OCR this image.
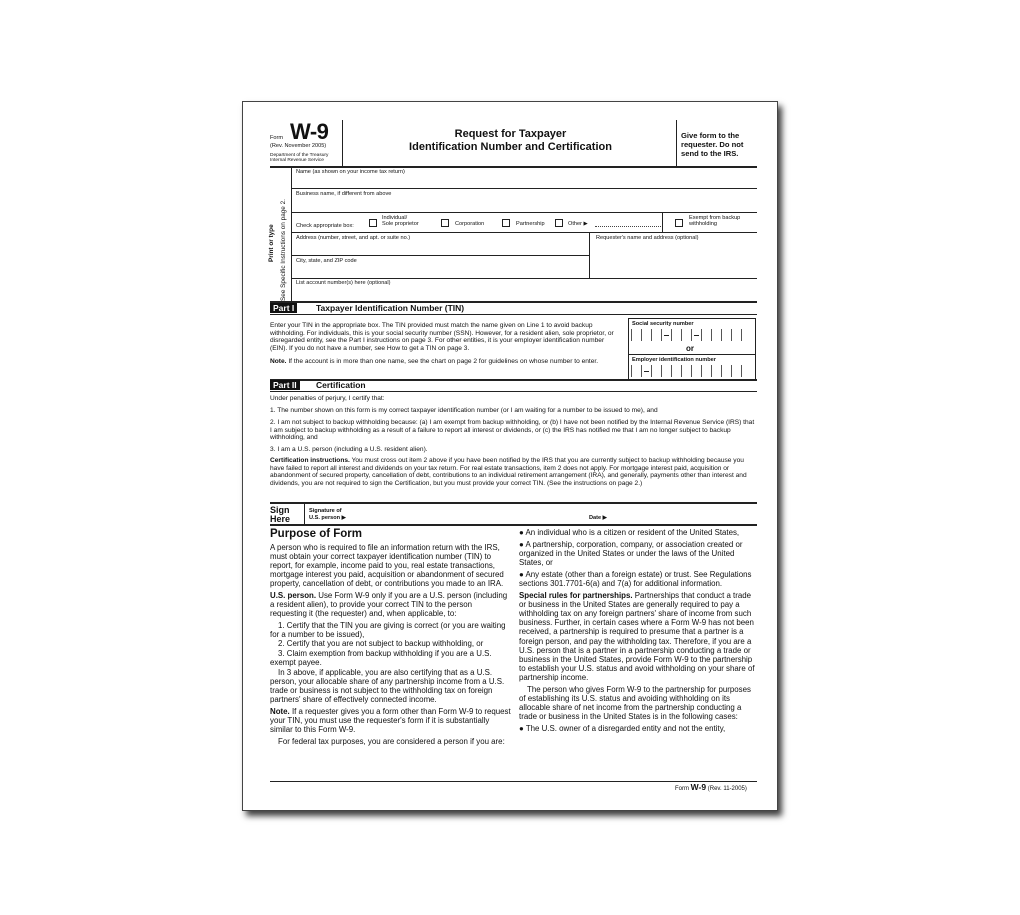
Form W-9
(Rev. November 2005)
Department of the Treasury
Internal Revenue Service
Request for Taxpayer
Identification Number and Certification
Give form to the
requester. Do not
send to the IRS.
Print or type See Specific Instructions on page 2.
Name (as shown on your income tax return)
Business name, if different from above
Check appropriate box:
Individual/
Sole proprietor	Corporation	Partnership	Other ▶
Exempt from backup
withholding
Address (number, street, and apt. or suite no.)	Requester's name and address (optional)
City, state, and ZIP code
List account number(s) here (optional)
Part I	Taxpayer Identification Number (TIN)
Enter your TIN in the appropriate box. The TIN provided must match the name given on Line 1 to avoid backup withholding. For individuals, this is your social security number (SSN). However, for a resident alien, sole proprietor, or disregarded entity, see the Part I instructions on page 3. For other entities, it is your employer identification number (EIN). If you do not have a number, see How to get a TIN on page 3.
Note. If the account is in more than one name, see the chart on page 2 for guidelines on whose number to enter.
Social security number
or
Employer identification number
Part II	Certification
Under penalties of perjury, I certify that:
1. The number shown on this form is my correct taxpayer identification number (or I am waiting for a number to be issued to me), and
2. I am not subject to backup withholding because: (a) I am exempt from backup withholding, or (b) I have not been notified by the Internal Revenue Service (IRS) that I am subject to backup withholding as a result of a failure to report all interest or dividends, or (c) the IRS has notified me that I am no longer subject to backup withholding, and
3. I am a U.S. person (including a U.S. resident alien).
Certification instructions. You must cross out item 2 above if you have been notified by the IRS that you are currently subject to backup withholding because you have failed to report all interest and dividends on your tax return. For real estate transactions, item 2 does not apply. For mortgage interest paid, acquisition or abandonment of secured property, cancellation of debt, contributions to an individual retirement arrangement (IRA), and generally, payments other than interest and dividends, you are not required to sign the Certification, but you must provide your correct TIN. (See the instructions on page 2.)
Sign
Here
Signature of
U.S. person ▶	Date ▶
Purpose of Form

A person who is required to file an information return with the IRS, must obtain your correct taxpayer identification number (TIN) to report, for example, income paid to you, real estate transactions, mortgage interest you paid, acquisition or abandonment of secured property, cancellation of debt, or contributions you made to an IRA.

U.S. person. Use Form W-9 only if you are a U.S. person (including a resident alien), to provide your correct TIN to the person requesting it (the requester) and, when applicable, to:

1. Certify that the TIN you are giving is correct (or you are waiting for a number to be issued),

2. Certify that you are not subject to backup withholding, or

3. Claim exemption from backup withholding if you are a U.S. exempt payee.

In 3 above, if applicable, you are also certifying that as a U.S. person, your allocable share of any partnership income from a U.S. trade or business is not subject to the withholding tax on foreign partners' share of effectively connected income.

Note. If a requester gives you a form other than Form W-9 to request your TIN, you must use the requester's form if it is substantially similar to this Form W-9.

For federal tax purposes, you are considered a person if you are:

● An individual who is a citizen or resident of the United States,

● A partnership, corporation, company, or association created or organized in the United States or under the laws of the United States, or

● Any estate (other than a foreign estate) or trust. See Regulations sections 301.7701-6(a) and 7(a) for additional information.

Special rules for partnerships. Partnerships that conduct a trade or business in the United States are generally required to pay a withholding tax on any foreign partners' share of income from such business. Further, in certain cases where a Form W-9 has not been received, a partnership is required to presume that a partner is a foreign person, and pay the withholding tax. Therefore, if you are a U.S. person that is a partner in a partnership conducting a trade or business in the United States, provide Form W-9 to the partnership to establish your U.S. status and avoid withholding on your share of partnership income.

The person who gives Form W-9 to the partnership for purposes of establishing its U.S. status and avoiding withholding on its allocable share of net income from the partnership conducting a trade or business in the United States is in the following cases:

● The U.S. owner of a disregarded entity and not the entity,

Form W-9 (Rev. 11-2005)
